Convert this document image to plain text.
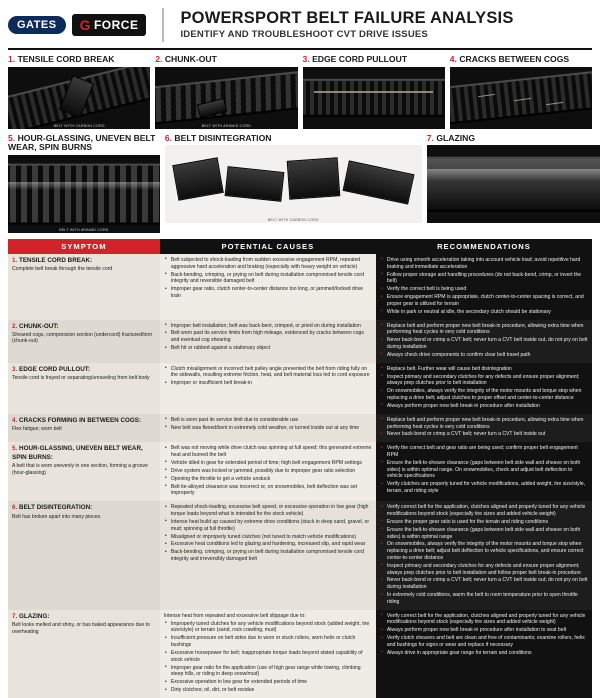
GATES	G FORCE	POWERSPORT BELT FAILURE ANALYSIS
IDENTIFY AND TROUBLESHOOT CVT DRIVE ISSUES
1. TENSILE CORD BREAK
BELT WITH CARBON CORD
2. CHUNK-OUT
BELT WITH ARAMID CORD
3. EDGE CORD PULLOUT	4. CRACKS BETWEEN COGS
5. HOUR-GLASSING, UNEVEN BELT WEAR, SPIN BURNS
BELT WITH ARAMID CORD
6. BELT DISINTEGRATION
BELT WITH CARBON CORD
7. GLAZING
SYMPTOM	POTENTIAL CAUSES	RECOMMENDATIONS

1. TENSILE CORD BREAK:
Complete belt break through the tensile cord

• Belt subjected to shock-loading from sudden excessive engagement RPM, repeated aggressive hard acceleration and braking (especially with heavy weight on vehicle)
• Back-bending, crimping, or prying on belt during installation compromised tensile cord integrity and reversible damaged belt
• Improper gear ratio, clutch center-to-center distance too long, or jammed/locked drive train

• Drive using smooth acceleration taking into account vehicle load; avoid repetitive hard braking and immediate acceleration
• Follow proper storage and handling procedures (do not back-bend, crimp, or invert the belt)
• Verify the correct belt is being used
• Ensure engagement RPM is appropriate, clutch center-to-center spacing is correct, and proper gear is utilized for terrain
• While in park or neutral at idle, the secondary clutch should be stationary

2. CHUNK-OUT:
Sheared cogs, compression section (undercord) fractured/torn (chunk-out)

• Improper belt installation; belt was back-bent, crimped, or pried on during installation
• Belt worn past its service limits from high mileage, evidenced by cracks between cogs and eventual cog shearing
• Belt hit or rubbed against a stationary object

• Replace belt and perform proper new belt break-in procedure, allowing extra time when performing heat cycles in very cold conditions
• Never back-bend or crimp a CVT belt; never turn a CVT belt inside out, do not pry on belt during installation
• Always check drive components to confirm clear belt travel path

3. EDGE CORD PULLOUT:
Tensile cord is frayed or separating/unraveling from belt body

• Clutch misalignment or incorrect belt pulley angle prevented the belt from riding fully on the sidewalls, resulting extreme friction, heat, and belt material loss led to cord exposure
• Improper or insufficient belt break-in

• Replace belt. Further wear will cause belt disintegration
• Inspect primary and secondary clutches for any defects and ensure proper alignment; always prep clutches prior to belt installation
• On snowmobiles, always verify the integrity of the motor mounts and torque stop when replacing a drive belt; adjust clutches to proper offset and center-to-center distance
• Always perform proper new belt break-in procedure after installation

4. CRACKS FORMING IN BETWEEN COGS:
Flex fatigue; worn belt

• Belt is worn past its service limit due to considerable use
• New belt was flexed/bent in extremely cold weather, or turned inside out at any time

• Replace belt and perform proper new belt break-in procedure, allowing extra time when performing heat cycles in very cold conditions
• Never back-bend or crimp a CVT belt; never turn a CVT belt inside out

5. HOUR-GLASSING, UNEVEN BELT WEAR, SPIN BURNS:
A belt that is worn unevenly in one section, forming a groove (hour-glassing)

• Belt was not moving while drive clutch was spinning at full speed; this generated extreme heat and burned the belt
• Vehicle idled in gear for extended period of time; high belt engagement RPM settings
• Drive system was locked or jammed, possibly due to improper gear ratio selection
• Opening the throttle to get a vehicle unstuck
• Belt tie-alloyed clearance was incorrect or, on snowmobiles, belt deflection was set improperly

• Verify the correct belt and gear ratio are being used; confirm proper belt engagement RPM
• Ensure the belt-to-sheave clearance (gaps between belt side wall and sheave on both sides) is within optimal range. On snowmobiles, check and adjust belt deflection to vehicle specifications
• Verify clutches are properly tuned for vehicle modifications, added weight, tire size/style, terrain, and riding style

6. BELT DISINTEGRATION:
Belt has broken apart into many pieces.

• Repeated shock-loading, excessive belt speed, or excessive operation in low gear (high torque loads beyond what is intended for the stock vehicle)
• Intense heat build up caused by extreme drive conditions (stuck in deep sand, gravel, or mud; spinning at full throttle)
• Misaligned or improperly tuned clutches (not tuned to match vehicle modifications)
• Excessive heat conditions led to glazing and hardening, increased slip, and rapid wear
• Back-bending, crimping, or prying on belt during installation compromised tensile cord integrity and irreversibly damaged belt

• Verify correct belt for the application, clutches aligned and properly tuned for any vehicle modifications beyond stock (especially tire sizes and added vehicle weight)
• Ensure the proper gear ratio is used for the terrain and riding conditions
• Ensure the belt-to-sheave clearance (gaps between belt side wall and sheave on both sides) is within optimal range
• On snowmobiles, always verify the integrity of the motor mounts and torque stop when replacing a drive belt; adjust belt deflection to vehicle specifications, and ensure correct center-to-center distance
• Inspect primary and secondary clutches for any defects and ensure proper alignment; always prep clutches prior to belt installation and follow proper belt break-in procedure
• Never back-bend or crimp a CVT belt; never turn a CVT belt inside out; do not pry on belt during installation
• In extremely cold conditions, warm the belt to room temperature prior to open throttle riding

7. GLAZING:
Belt looks melted and shiny, or has baked appearance due to overheating

Intense heat from repeated and excessive belt slippage due to:
• Improperly tuned clutches for any vehicle modifications beyond stock (added weight, tire size/style) or terrain (sand, rock crawling, mud)
• Insufficient pressure on belt sides due to worn or stuck rollers, worn helix or clutch bushings
• Excessive horsepower for belt; inappropriate torque loads beyond stated capability of stock vehicle
• Improper gear ratio for the application (use of high gear range while towing, climbing steep hills, or riding in deep snow/mud)
• Excessive operation in low gear for extended periods of time
• Dirty clutches; oil, dirt, or belt residue

• Verify correct belt for the application, clutches aligned and properly tuned for any vehicle modifications beyond stock (especially tire sizes and added vehicle weight)
• Always perform proper new belt break-in procedure after installation to seat belt
• Verify clutch sheaves and belt are clean and free of contaminants; examine rollers, helix and bushings for signs or wear and replace if necessary
• Always drive in appropriate gear range for terrain and conditions
